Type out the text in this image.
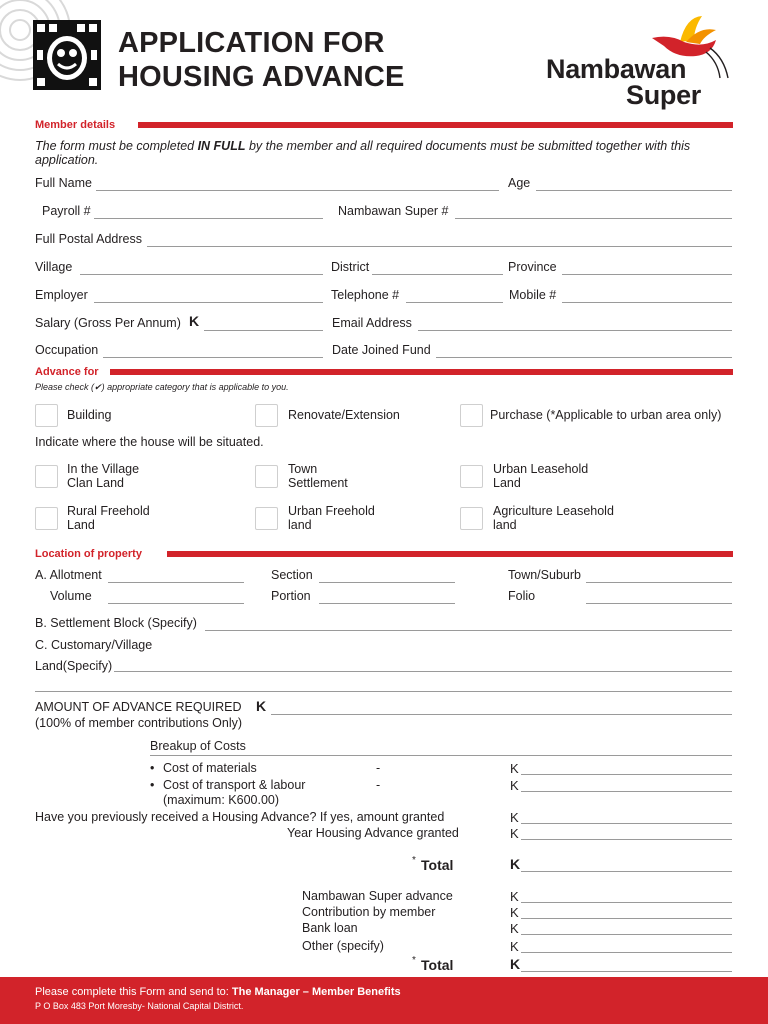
APPLICATION FOR
HOUSING ADVANCE	Nambawan
Super
Member details
The form must be completed IN FULL by the member and all required documents must be submitted together with this
application.
Full Name	Age
Payroll #	Nambawan Super #
Full Postal Address
Village	District	Province
Employer	Telephone #	Mobile #
Salary (Gross Per Annum) K	Email Address
Occupation	Date Joined Fund
Advance for
Please check (✔) appropriate category that is applicable to you.
Building	Renovate/Extension	Purchase (*Applicable to urban area only)
Indicate where the house will be situated.
In the Village
Clan Land
Town
Settlement
Urban Leasehold
Land
Rural Freehold
Land
Urban Freehold
land
Agriculture Leasehold
land
Location of property
A. Allotment	Section	Town/Suburb
Volume	Portion	Folio
B. Settlement Block (Specify)
C. Customary/Village
Land(Specify)
AMOUNT OF ADVANCE REQUIRED K
(100% of member contributions Only)
Breakup of Costs
• Cost of materials	-	K
• Cost of transport & labour
(maximum: K600.00)
-	K
Have you previously received a Housing Advance? If yes, amount granted	K
Year Housing Advance granted	K
* Total	K
Nambawan Super advance	K
Contribution by member	K
Bank loan	K
Other (specify)	K
* Total	K
Please complete this Form and send to: The Manager – Member Benefits
P O Box 483 Port Moresby- National Capital District.
